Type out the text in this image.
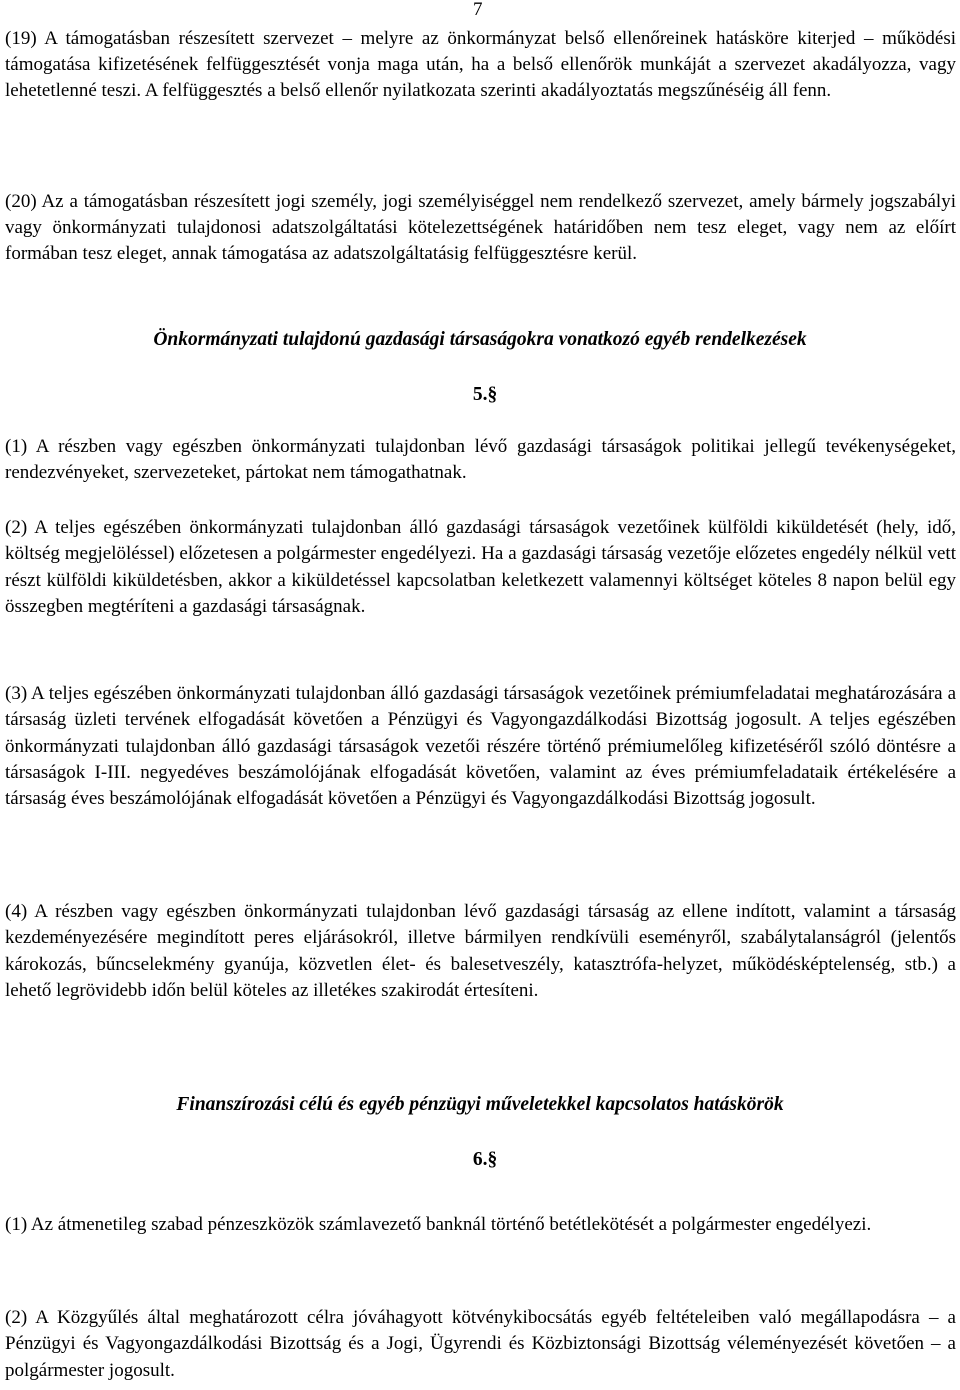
7

(19) A támogatásban részesített szervezet – melyre az önkormányzat belső ellenőreinek hatásköre kiterjed – működési támogatása kifizetésének felfüggesztését vonja maga után, ha a belső ellenőrök munkáját a szervezet akadályozza, vagy lehetetlenné teszi. A felfüggesztés a belső ellenőr nyilatkozata szerinti akadályoztatás megszűnéséig áll fenn.

(20) Az a támogatásban részesített jogi személy, jogi személyiséggel nem rendelkező szervezet, amely bármely jogszabályi vagy önkormányzati tulajdonosi adatszolgáltatási kötelezettségének határidőben nem tesz eleget, vagy nem az előírt formában tesz eleget, annak támogatása az adatszolgáltatásig felfüggesztésre kerül.

Önkormányzati tulajdonú gazdasági társaságokra vonatkozó egyéb rendelkezések
5.§

(1) A részben vagy egészben önkormányzati tulajdonban lévő gazdasági társaságok politikai jellegű tevékenységeket, rendezvényeket, szervezeteket, pártokat nem támogathatnak.

(2) A teljes egészében önkormányzati tulajdonban álló gazdasági társaságok vezetőinek külföldi kiküldetését (hely, idő, költség megjelöléssel) előzetesen a polgármester engedélyezi. Ha a gazdasági társaság vezetője előzetes engedély nélkül vett részt külföldi kiküldetésben, akkor a kiküldetéssel kapcsolatban keletkezett valamennyi költséget köteles 8 napon belül egy összegben megtéríteni a gazdasági társaságnak.

(3) A teljes egészében önkormányzati tulajdonban álló gazdasági társaságok vezetőinek prémiumfeladatai meghatározására a társaság üzleti tervének elfogadását követően a Pénzügyi és Vagyongazdálkodási Bizottság jogosult. A teljes egészében önkormányzati tulajdonban álló gazdasági társaságok vezetői részére történő prémiumelőleg kifizetéséről szóló döntésre a társaságok I-III. negyedéves beszámolójának elfogadását követően, valamint az éves prémiumfeladataik értékelésére a társaság éves beszámolójának elfogadását követően a Pénzügyi és Vagyongazdálkodási Bizottság jogosult.

(4) A részben vagy egészben önkormányzati tulajdonban lévő gazdasági társaság az ellene indított, valamint a társaság kezdeményezésére megindított peres eljárásokról, illetve bármilyen rendkívüli eseményről, szabálytalanságról (jelentős károkozás, bűncselekmény gyanúja, közvetlen élet- és balesetveszély, katasztrófa-helyzet, működésképtelenség, stb.) a lehető legrövidebb időn belül köteles az illetékes szakirodát értesíteni.

Finanszírozási célú és egyéb pénzügyi műveletekkel kapcsolatos hatáskörök
6.§

(1) Az átmenetileg szabad pénzeszközök számlavezető banknál történő betétlekötését a polgármester engedélyezi.

(2) A Közgyűlés által meghatározott célra jóváhagyott kötvénykibocsátás egyéb feltételeiben való megállapodásra – a Pénzügyi és Vagyongazdálkodási Bizottság és a Jogi, Ügyrendi és Közbiztonsági Bizottság véleményezését követően – a polgármester jogosult.
